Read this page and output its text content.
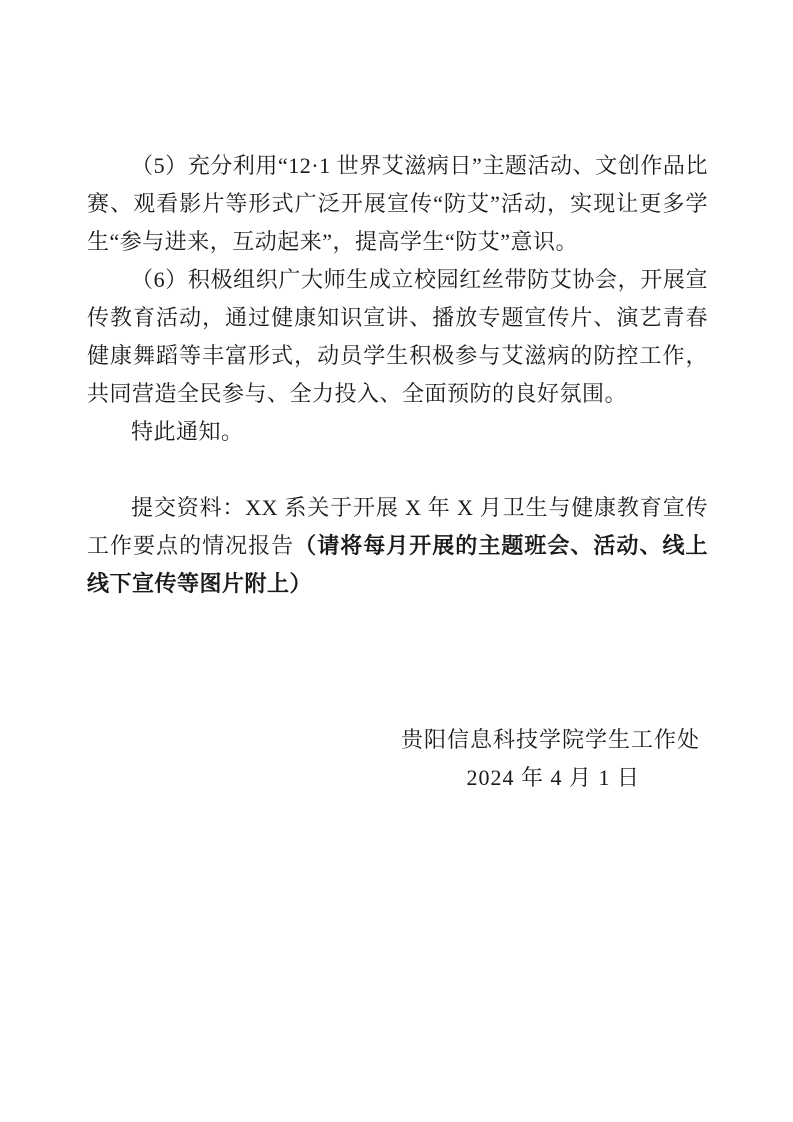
（5）充分利用“12·1 世界艾滋病日”主题活动、文创作品比赛、观看影片等形式广泛开展宣传“防艾”活动，实现让更多学生“参与进来，互动起来”，提高学生“防艾”意识。

（6）积极组织广大师生成立校园红丝带防艾协会，开展宣传教育活动，通过健康知识宣讲、播放专题宣传片、演艺青春健康舞蹈等丰富形式，动员学生积极参与艾滋病的防控工作，共同营造全民参与、全力投入、全面预防的良好氛围。

特此通知。

提交资料：XX 系关于开展 X 年 X 月卫生与健康教育宣传工作要点的情况报告（请将每月开展的主题班会、活动、线上线下宣传等图片附上）

贵阳信息科技学院学生工作处

2024 年 4 月 1 日
